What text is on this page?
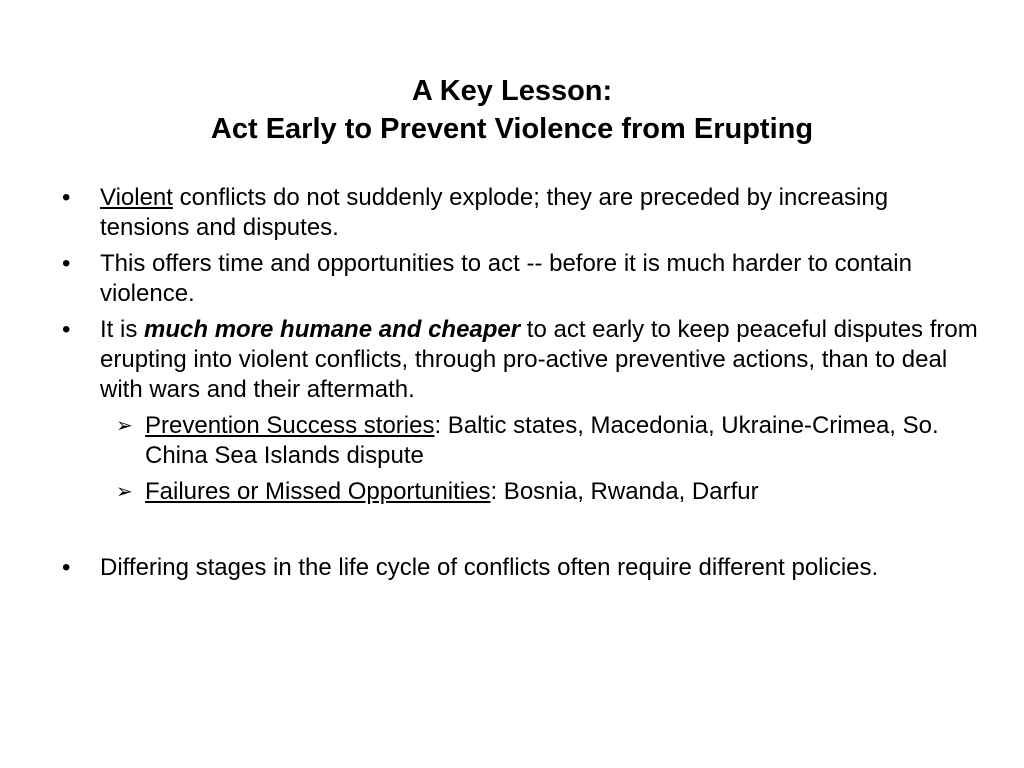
A Key Lesson:
Act Early to Prevent Violence from Erupting
• Violent conflicts do not suddenly explode; they are preceded by increasing tensions and disputes.
• This offers time and opportunities to act -- before it is much harder to contain violence.
• It is much more humane and cheaper to act early to keep peaceful disputes from erupting into violent conflicts, through pro-active preventive actions, than to deal with wars and their aftermath.
➢ Prevention Success stories: Baltic states, Macedonia, Ukraine-Crimea, So. China Sea Islands dispute
➢ Failures or Missed Opportunities: Bosnia, Rwanda, Darfur
• Differing stages in the life cycle of conflicts often require different policies.
